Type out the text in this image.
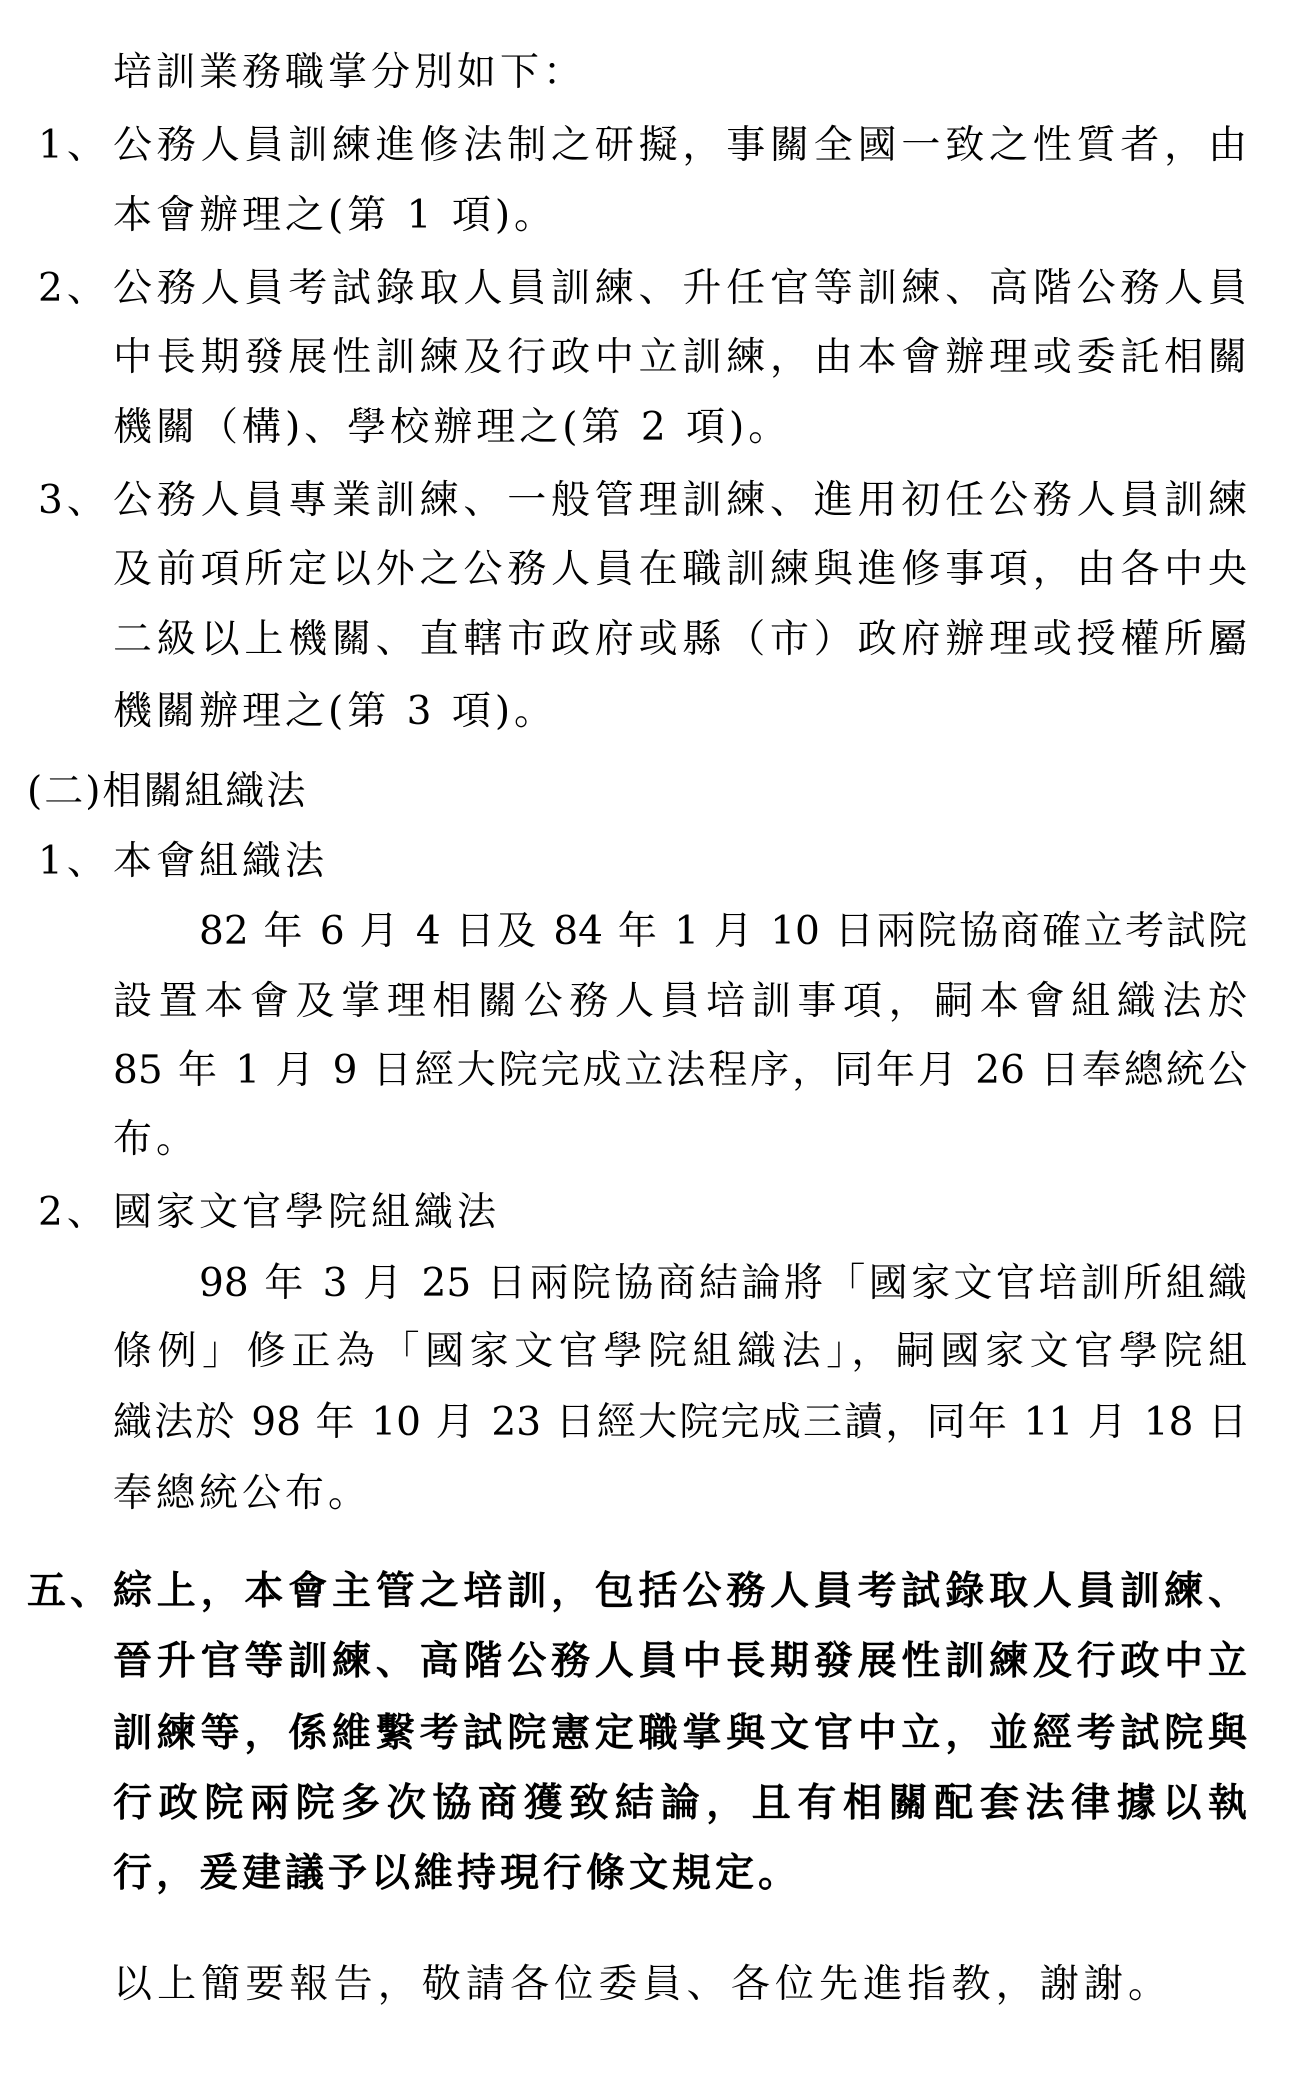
培訓業務職掌分別如下：
1、 公務人員訓練進修法制之研擬，事關全國一致之性質者，由
本會辦理之(第 1 項)。
2、 公務人員考試錄取人員訓練、升任官等訓練、高階公務人員
中長期發展性訓練及行政中立訓練，由本會辦理或委託相關
機關（構)、學校辦理之(第 2 項)。
3、 公務人員專業訓練、一般管理訓練、進用初任公務人員訓練
及前項所定以外之公務人員在職訓練與進修事項，由各中央
二級以上機關、直轄市政府或縣（市）政府辦理或授權所屬
機關辦理之(第 3 項)。
(二)相關組織法
1、 本會組織法
82 年 6 月 4 日及 84 年 1 月 10 日兩院協商確立考試院
設置本會及掌理相關公務人員培訓事項，嗣本會組織法於
85 年 1 月 9 日經大院完成立法程序，同年月 26 日奉總統公
布。
2、 國家文官學院組織法
98 年 3 月 25 日兩院協商結論將「國家文官培訓所組織
條例」修正為「國家文官學院組織法」，嗣國家文官學院組
織法於 98 年 10 月 23 日經大院完成三讀，同年 11 月 18 日
奉總統公布。
五、 綜上，本會主管之培訓，包括公務人員考試錄取人員訓練、
晉升官等訓練、高階公務人員中長期發展性訓練及行政中立
訓練等，係維繫考試院憲定職掌與文官中立，並經考試院與
行政院兩院多次協商獲致結論，且有相關配套法律據以執
行，爰建議予以維持現行條文規定。
以上簡要報告，敬請各位委員、各位先進指教，謝謝。
